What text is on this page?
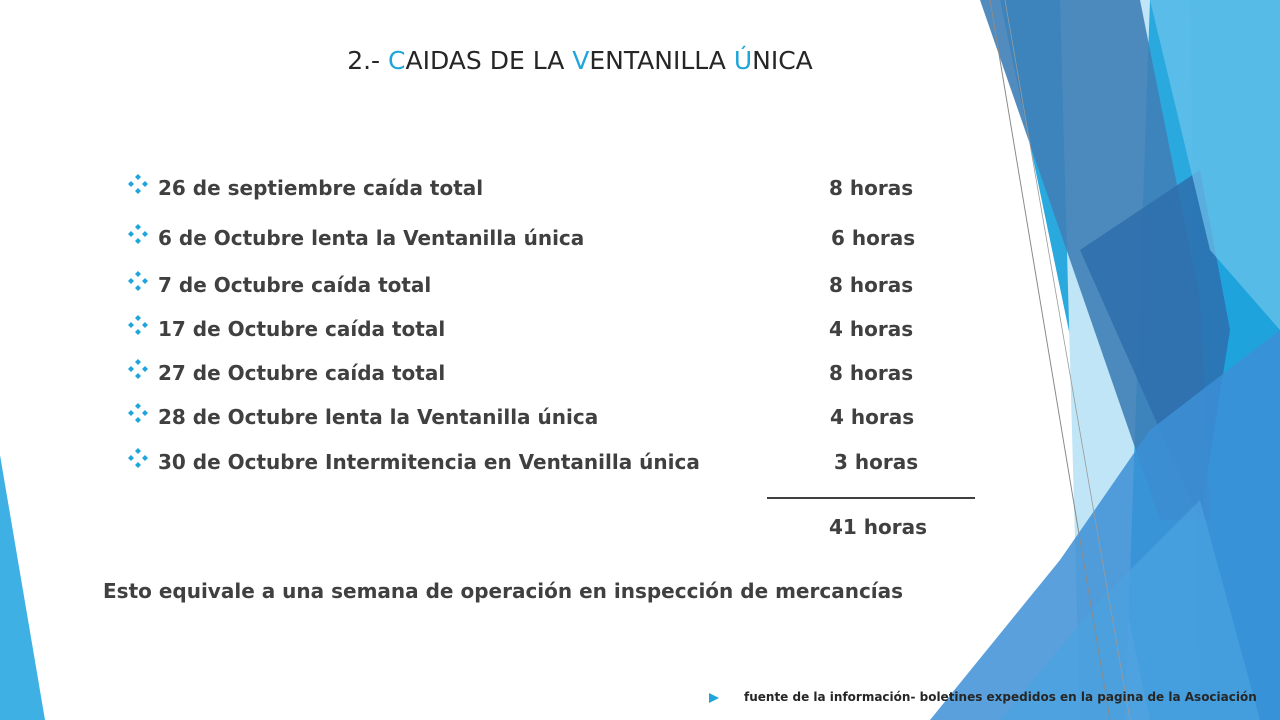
2.- CAIDAS DE LA VENTANILLA ÚNICA
26 de septiembre caída total	8 horas
6 de Octubre lenta la Ventanilla única	6 horas
7 de Octubre caída total	8 horas
17 de Octubre caída total	4 horas
27 de Octubre caída total	8 horas
28 de Octubre lenta la Ventanilla única	4 horas
30 de Octubre Intermitencia en Ventanilla única	3 horas
41 horas
Esto equivale a una semana de operación en inspección de mercancías
fuente de la información- boletines expedidos en la pagina de la Asociación
